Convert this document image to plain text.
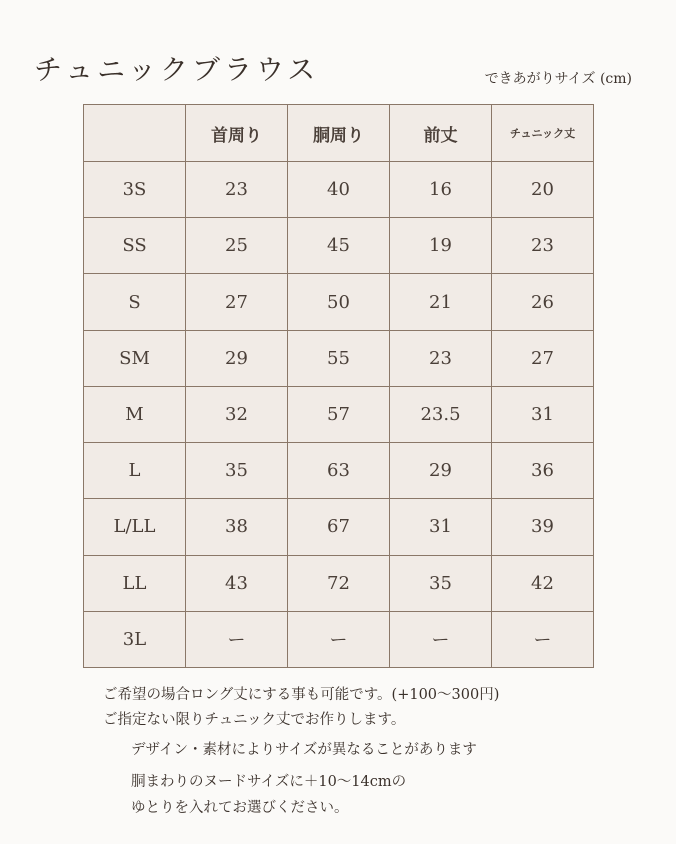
チュニックブラウス	できあがりサイズ (cm)
	首周り	胴周り	前丈	チュニック丈
3S	23	40	16	20
SS	25	45	19	23
S	27	50	21	26
SM	29	55	23	27
M	32	57	23.5	31
L	35	63	29	36
L/LL	38	67	31	39
LL	43	72	35	42
3L	ー	ー	ー	ー
ご希望の場合ロング丈にする事も可能です。(+100〜300円)
ご指定ない限りチュニック丈でお作りします。
デザイン・素材によりサイズが異なることがあります
胴まわりのヌードサイズに＋10〜14cmの
ゆとりを入れてお選びください。
